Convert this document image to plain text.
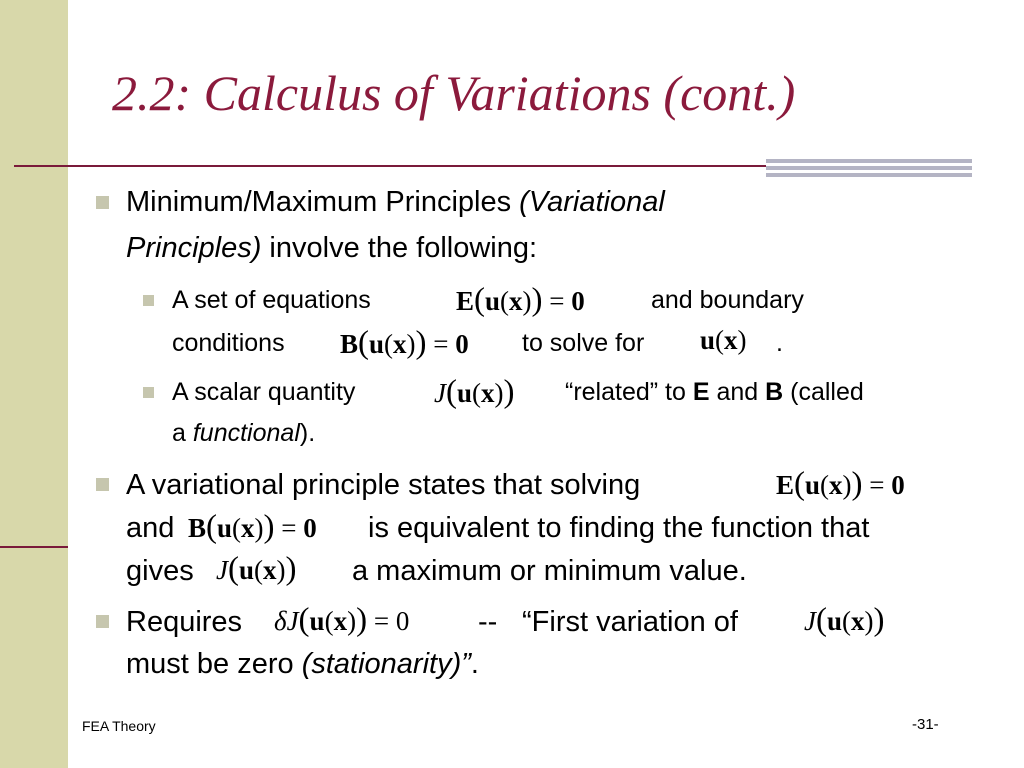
2.2: Calculus of Variations (cont.)
Minimum/Maximum Principles (Variational
Principles) involve the following:
A set of equations	E(u(x)) = 0	and boundary
conditions B(u(x)) = 0 to solve for u(x) .
A scalar quantity	J(u(x)) “related” to E and B (called
a functional).
A variational principle states that solving	E(u(x)) = 0
and B(u(x)) = 0 is equivalent to finding the function that
gives J(u(x)) a maximum or minimum value.
Requires δJ(u(x)) = 0 -- “First variation of J(u(x))
must be zero (stationarity)”.
FEA Theory	-31-
